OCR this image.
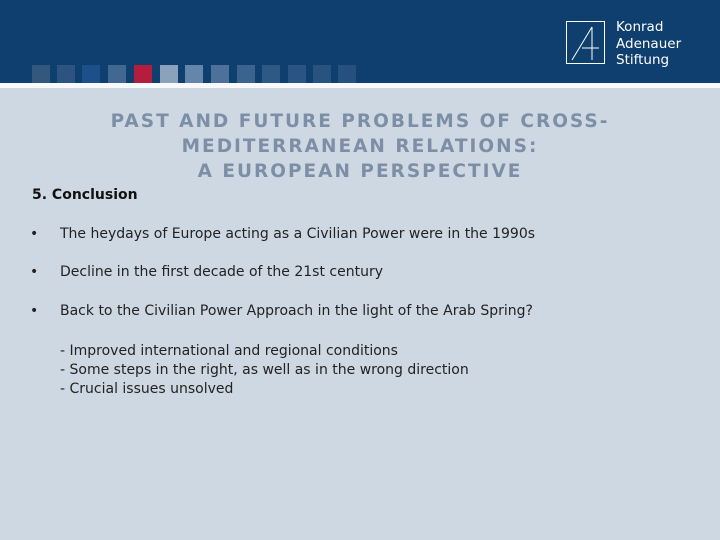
Konrad
Adenauer
Stiftung
PAST AND FUTURE PROBLEMS OF CROSS-
MEDITERRANEAN RELATIONS:
A EUROPEAN PERSPECTIVE
5. Conclusion
• The heydays of Europe acting as a Civilian Power were in the 1990s
• Decline in the first decade of the 21st century
• Back to the Civilian Power Approach in the light of the Arab Spring?
- Improved international and regional conditions
- Some steps in the right, as well as in the wrong direction
- Crucial issues unsolved
